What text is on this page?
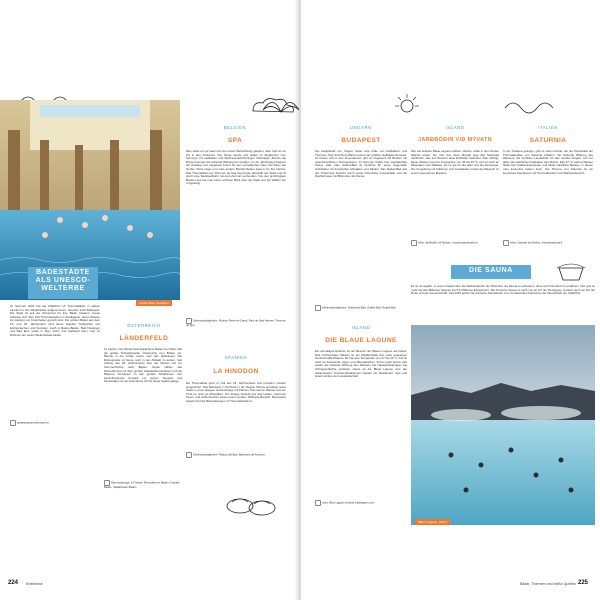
Gellért-Bad, Budapest
BADESTÄDTE ALS UNESCO-WELTERBE

Im Sommer 2021 hat die UNESCO elf Thermalbäder in sieben Ländern in ihre Weltebeliste aufgenommen, darunter auch Budapest. Die Stadt ist seit der Römerzeit für ihre Bäder bekannt. Heute befinden sich über 100 Thermalquellen im Stadtgebiet, deren Wasser zur Heilung von Krankheiten genutzt wird. Die großen Bäder aus dem 19. und 20. Jahrhundert sind heute beliebte Treffpunkte von Einheimischen und Touristen. Auch in Baden-Baden, Bad Kissingen und Bad Ems sowie in Spa, Vichy und Karlsbad kann man im Rahmen der neuen Welterbeliste baden.

greatspatownsofeurope.eu
BELGIEN
SPA

Man sollte es nur kaum bei der ersten Betrachtung glauben, aber Spa ist ein Ort in den Ardennen. Der Name wurde erst später im Englischen zum Synonym für Heilbäder und Wellness-Einrichtungen überhaupt. Bereits die Römer kannten die heilende Wirkung der Quellen. Im 16. Jahrhundert begann der Aufstieg zum eleganten Kurort für den europäischen Adel. Zar Peter der Große, Victor Hugo und viele andere Berühmtheiten kamen zur Kur hierher. Das Thermalbad Les Thermes de Spa liegt heute oberhalb der Stadt und ist durch eine Standseilbahn mit dem Zentrum verbunden. Von den großzügigen Becken aus hat man einen schönen Blick über die Stadt und die Wälder der Umgebung.

Sehenswürdigkeiten: Pouhon Pierre-le-Grand, Parc de Sept Heures, Thermes de Spa
ÖSTERREICH
LÄNDERFELD

Im Herzen des Biedermeierstädtchens Baden bei Wien lädt die größte Schwefelquelle Österreichs zum Baden ein. Bereits in der Antike nutzte man das Heilwasser. Die Römerquelle ist heute noch in der Altstadt zu sehen. Seit Anfang des 19. Jahrhunderts kam der Wiener Hof zur Sommerfrische nach Baden. Heute zählen das Römertherme mit ihrer großen Glasdachkonstruktion und die Badener Kurhäuser zu den großen Attraktionen. Der beeindruckende Kurpark mit seinen Tempeln und Denkmälern ist ein besonderer Ort für lange Spaziergänge.

Übernachtungs- & Freizeit: Römertherme Baden, Kurpark Baden, Stadttheater Baden
SPANIEN
LA HINODON

Ein Thermalbad ganz im Stil des 19. Jahrhunderts und trotzdem modern eingerichtet: Das Balneario in Archena in der Region Murcia empfängt seine Gäste in einer üppigen Gartenanlage mit Palmen. Das warme Wasser aus der Tiefe ist reich an Mineralien. Die Anlage besteht aus drei Hotels, mehreren Innen- und Außenbecken sowie einem großen Wellness-Bereich. Besonders beliebt sind die Behandlungen mit Thermalschlamm.

Sehenswürdigkeiten: Palacio del Bañ, Balneario de Archena
224 Erlebnisse
UNGARN
BUDAPEST

Die Hauptstadt von Ungarn bietet eine Fülle von Heilbädern und Thermen. Das Széchenyi-Bad ist eines der größten Heilbäder Europas. Im Freien und in den Innenräumen gibt es insgesamt 18 Becken mit unterschiedlichen Temperaturen. Im Sommer finden hier spektakuläre Partys statt. Das Gellért-Bad ist berühmt für seine Jugendstil-Architektur mit kunstvollen Mosaiken und Säulen. Das Rudas-Bad aus der Türkenzeit besticht durch seine historische Kuppelhalle und die Dachterrasse mit Blick über die Donau.

Sehenswürdigkeiten: Széchenyi-Bad, Gellért-Bad, Rudas-Bad
ISLAND
JARÐBÖÐIN VIÐ MÝVATN

Wer am liebsten Blaue Lagune erleben möchte, sollte in den Norden Islands reisen. Am Ufer des Sees Mývatn liegt das Naturbad Jarðböðin, das auf Deutsch etwa Erdbäder bedeutet. Das milchig-blaue Wasser hat eine Temperatur von 36 bis 40 °C und ist reich an Mineralien und Silikaten. Es ist gut für die Haut und die Atemwege. Die Umgebung mit Vulkanen und Lavafeldern macht den Besuch zu einem besonderen Erlebnis.

Infos: Jarðböðin við Mývatn, myvatnnaturebaths.is
ITALIEN
SATURNIA

In der Toskana gelegen, gibt es viele Gründe, die die Popularität der Thermalquellen von Saturnia erklären: die heilende Wirkung des Wassers, die herrliche Landschaft mit den sanften Hügeln und vor allem die natürlichen Kaskaden des Mulino. Das 37 °C warme Wasser fließt über Kalksteinterrassen und bildet natürliche Becken, in denen man kostenlos baden kann. Die Therme von Saturnia ist ein luxuriöses Spa-Resort mit Thermalbecken und Wellnessbereich.

Infos: Cascate del Mulino, termedisaturnia.it
DIE SAUNA

Es ist unmöglich, in einem Kapitel über die Wellnesskultur der Welt über die Sauna zu schreiben, ohne auch Finnland zu erwähnen. Hier gibt es mehr als drei Millionen Saunen bei 5,5 Millionen Einwohnern. Die finnische Sauna ist nicht nur ein Ort der Reinigung, sondern auch ein Ort der Ruhe und der Gemeinschaft. Seit 2020 gehört die finnische Saunakultur zum immateriellen Kulturerbe der Menschheit der UNESCO.

ISLAND
DIE BLAUE LAGUNE

Ein einmaliges Erlebnis ist der Besuch der Blauen Lagune auf Island. Das milchig-blaue Wasser ist ein Abfallprodukt des nahe gelegenen Geothermalkraftwerks. Es hat eine Temperatur von 37 bis 39 °C und ist reich an Kieselerde, Algen und Mineralsalzen. Schon nach kurzer Zeit wurde die heilende Wirkung des Wassers bei Hauterkrankungen wie Schuppenflechte entdeckt. Heute ist die Blaue Lagune eine der bekanntesten Touristenattraktionen Islands mit Restaurant, Spa und Hotel inmitten der Lavalandschaft.

Infos: Blue Lagoon Iceland, bluelagoon.com
Blaue Lagune, Island
Bäder, Thermen und heiße Quellen 225
